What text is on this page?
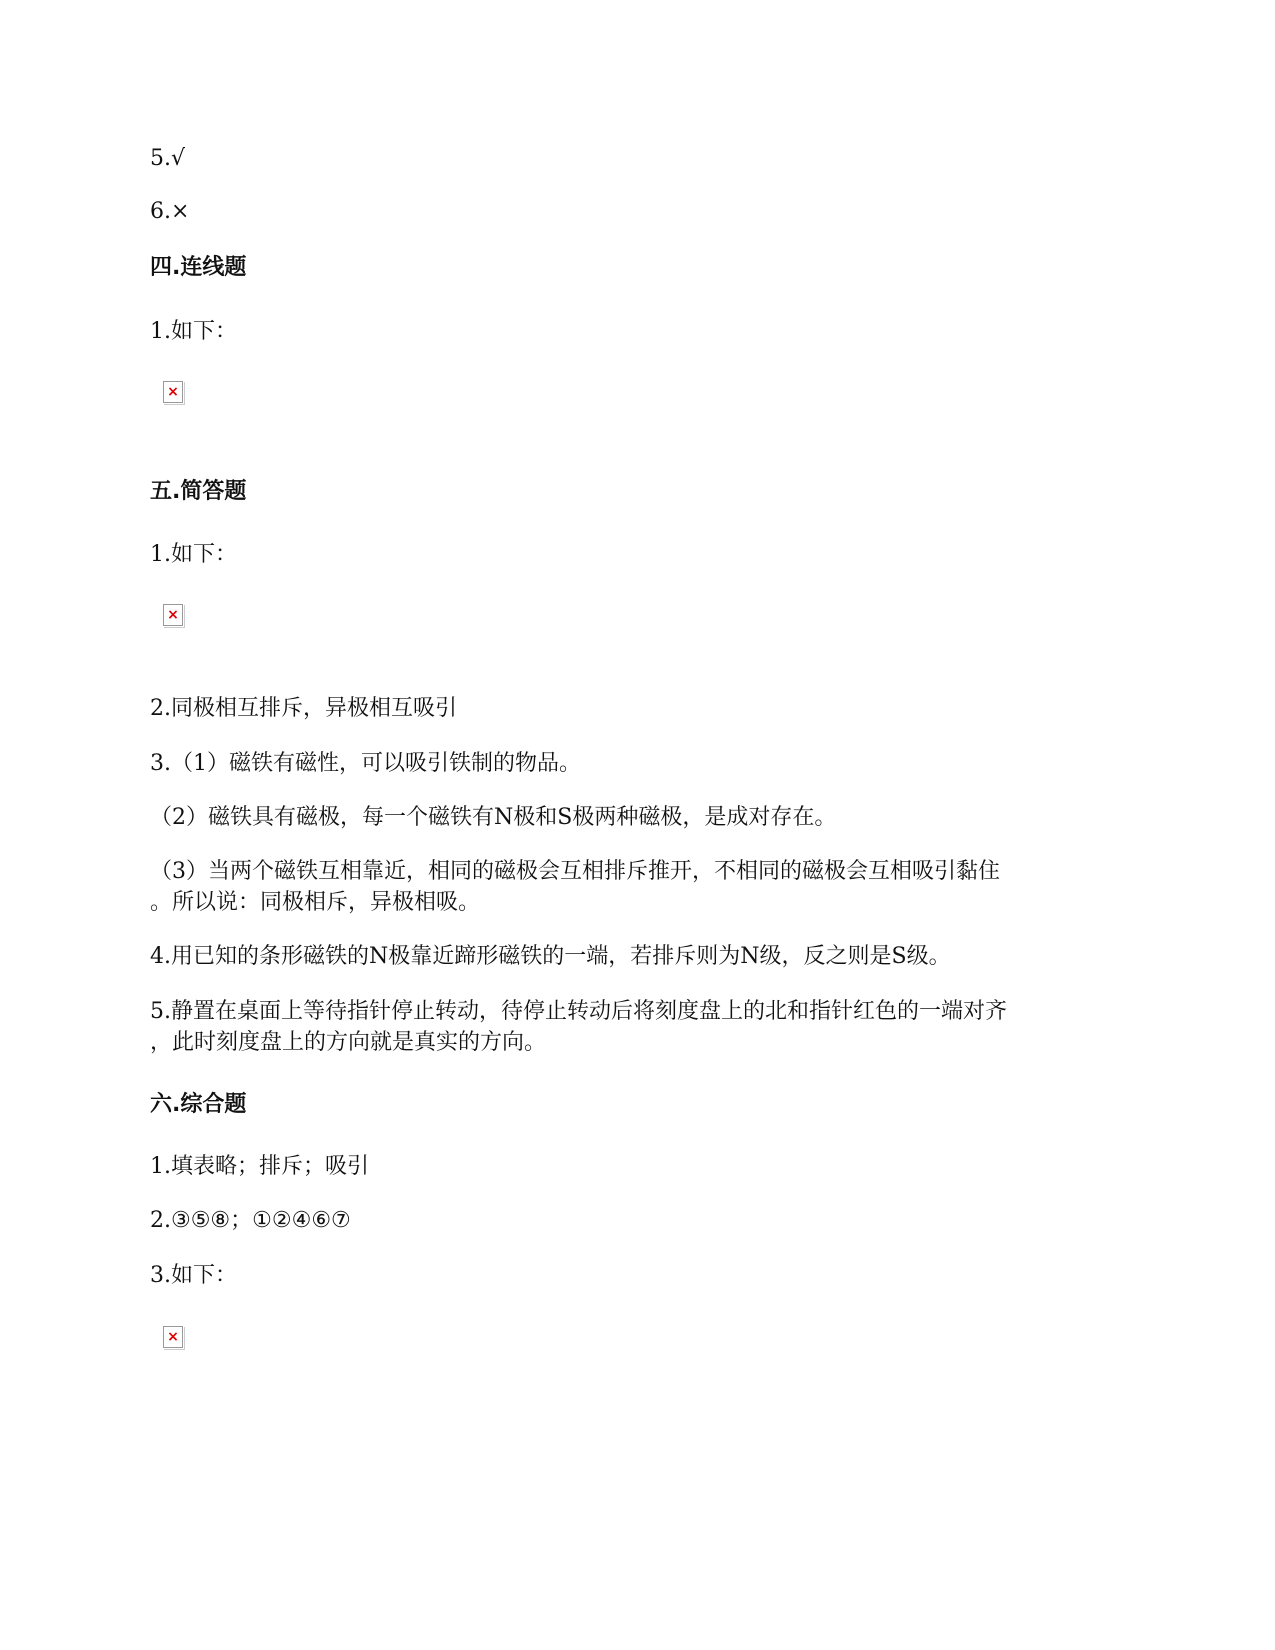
5.√
6.×
四.连线题
1.如下：
×
五.简答题
1.如下：
×
2.同极相互排斥，异极相互吸引
3.（1）磁铁有磁性，可以吸引铁制的物品。
（2）磁铁具有磁极，每一个磁铁有N极和S极两种磁极，是成对存在。
（3）当两个磁铁互相靠近，相同的磁极会互相排斥推开，不相同的磁极会互相吸引黏住
。所以说：同极相斥，异极相吸。
4.用已知的条形磁铁的N极靠近蹄形磁铁的一端，若排斥则为N级，反之则是S级。
5.静置在桌面上等待指针停止转动，待停止转动后将刻度盘上的北和指针红色的一端对齐
，此时刻度盘上的方向就是真实的方向。
六.综合题
1.填表略；排斥；吸引
2.③⑤⑧；①②④⑥⑦
3.如下：
×
